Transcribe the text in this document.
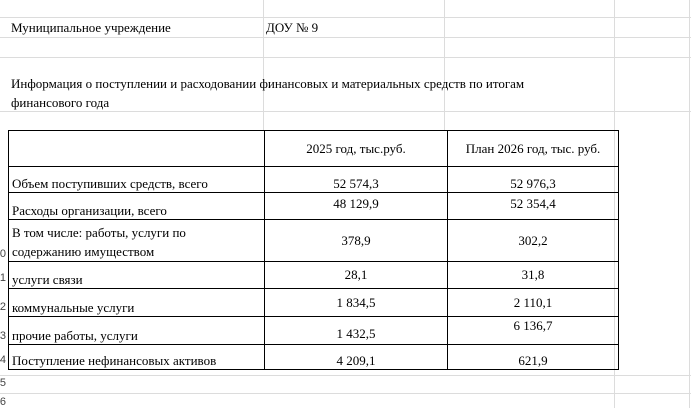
0
1
2
3
4
5
6
Муниципальное учреждение	ДОУ № 9
Информация о поступлении и расходовании финансовых и материальных средств по итогам
финансового года
	2025 год, тыс.руб.	План 2026 год, тыс. руб.
Объем поступивших средств, всего	52 574,3	52 976,3
Расходы организации, всего	48 129,9	52 354,4
В том числе: работы, услуги по
содержанию имуществом	378,9	302,2
услуги связи	28,1	31,8
коммунальные услуги	1 834,5	2 110,1
прочие работы, услуги	1 432,5	6 136,7
Поступление нефинансовых активов	4 209,1	621,9
